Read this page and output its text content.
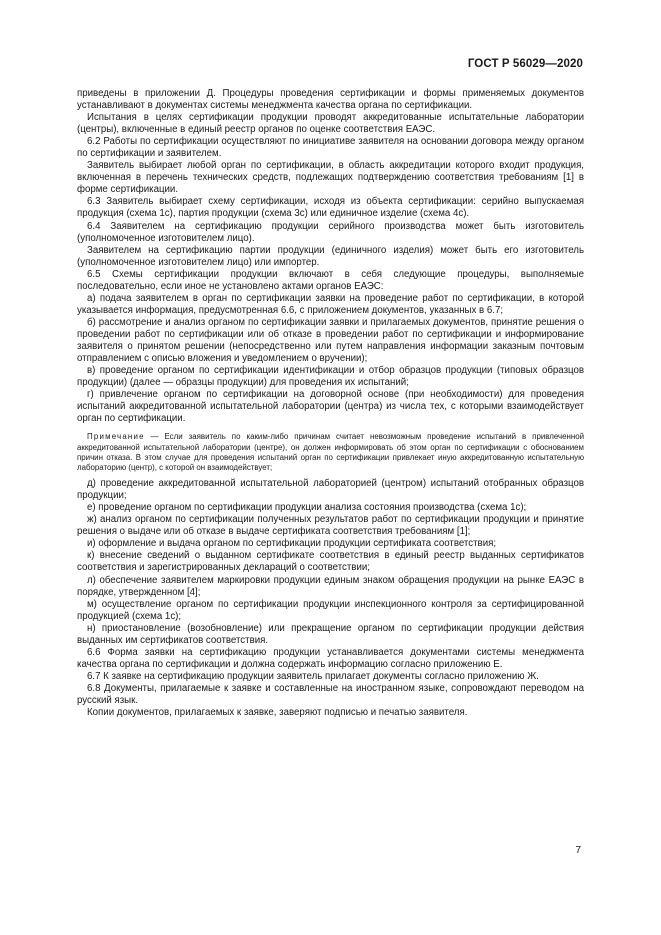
ГОСТ Р 56029—2020

приведены в приложении Д. Процедуры проведения сертификации и формы применяемых документов устанавливают в документах системы менеджмента качества органа по сертификации.

Испытания в целях сертификации продукции проводят аккредитованные испытательные лаборатории (центры), включенные в единый реестр органов по оценке соответствия ЕАЭС.

6.2 Работы по сертификации осуществляют по инициативе заявителя на основании договора между органом по сертификации и заявителем.

Заявитель выбирает любой орган по сертификации, в область аккредитации которого входит продукция, включенная в перечень технических средств, подлежащих подтверждению соответствия требованиям [1] в форме сертификации.

6.3 Заявитель выбирает схему сертификации, исходя из объекта сертификации: серийно выпускаемая продукция (схема 1с), партия продукции (схема 3с) или единичное изделие (схема 4с).

6.4 Заявителем на сертификацию продукции серийного производства может быть изготовитель (уполномоченное изготовителем лицо).

Заявителем на сертификацию партии продукции (единичного изделия) может быть его изготовитель (уполномоченное изготовителем лицо) или импортер.

6.5 Схемы сертификации продукции включают в себя следующие процедуры, выполняемые последовательно, если иное не установлено актами органов ЕАЭС:

а) подача заявителем в орган по сертификации заявки на проведение работ по сертификации, в которой указывается информация, предусмотренная 6.6, с приложением документов, указанных в 6.7;

б) рассмотрение и анализ органом по сертификации заявки и прилагаемых документов, принятие решения о проведении работ по сертификации или об отказе в проведении работ по сертификации и информирование заявителя о принятом решении (непосредственно или путем направления информации заказным почтовым отправлением с описью вложения и уведомлением о вручении);

в) проведение органом по сертификации идентификации и отбор образцов продукции (типовых образцов продукции) (далее — образцы продукции) для проведения их испытаний;

г) привлечение органом по сертификации на договорной основе (при необходимости) для проведения испытаний аккредитованной испытательной лаборатории (центра) из числа тех, с которыми взаимодействует орган по сертификации.

Примечание — Если заявитель по каким-либо причинам считает невозможным проведение испытаний в привлеченной аккредитованной испытательной лаборатории (центре), он должен информировать об этом орган по сертификации с обоснованием причин отказа. В этом случае для проведения испытаний орган по сертификации привлекает иную аккредитованную испытательную лабораторию (центр), с которой он взаимодействует;

д) проведение аккредитованной испытательной лабораторией (центром) испытаний отобранных образцов продукции;

е) проведение органом по сертификации продукции анализа состояния производства (схема 1с);

ж) анализ органом по сертификации полученных результатов работ по сертификации продукции и принятие решения о выдаче или об отказе в выдаче сертификата соответствия требованиям [1];

и) оформление и выдача органом по сертификации продукции сертификата соответствия;

к) внесение сведений о выданном сертификате соответствия в единый реестр выданных сертификатов соответствия и зарегистрированных деклараций о соответствии;

л) обеспечение заявителем маркировки продукции единым знаком обращения продукции на рынке ЕАЭС в порядке, утвержденном [4];

м) осуществление органом по сертификации продукции инспекционного контроля за сертифицированной продукцией (схема 1с);

н) приостановление (возобновление) или прекращение органом по сертификации продукции действия выданных им сертификатов соответствия.

6.6 Форма заявки на сертификацию продукции устанавливается документами системы менеджмента качества органа по сертификации и должна содержать информацию согласно приложению Е.

6.7 К заявке на сертификацию продукции заявитель прилагает документы согласно приложению Ж.

6.8 Документы, прилагаемые к заявке и составленные на иностранном языке, сопровождают переводом на русский язык.

Копии документов, прилагаемых к заявке, заверяют подписью и печатью заявителя.

7
